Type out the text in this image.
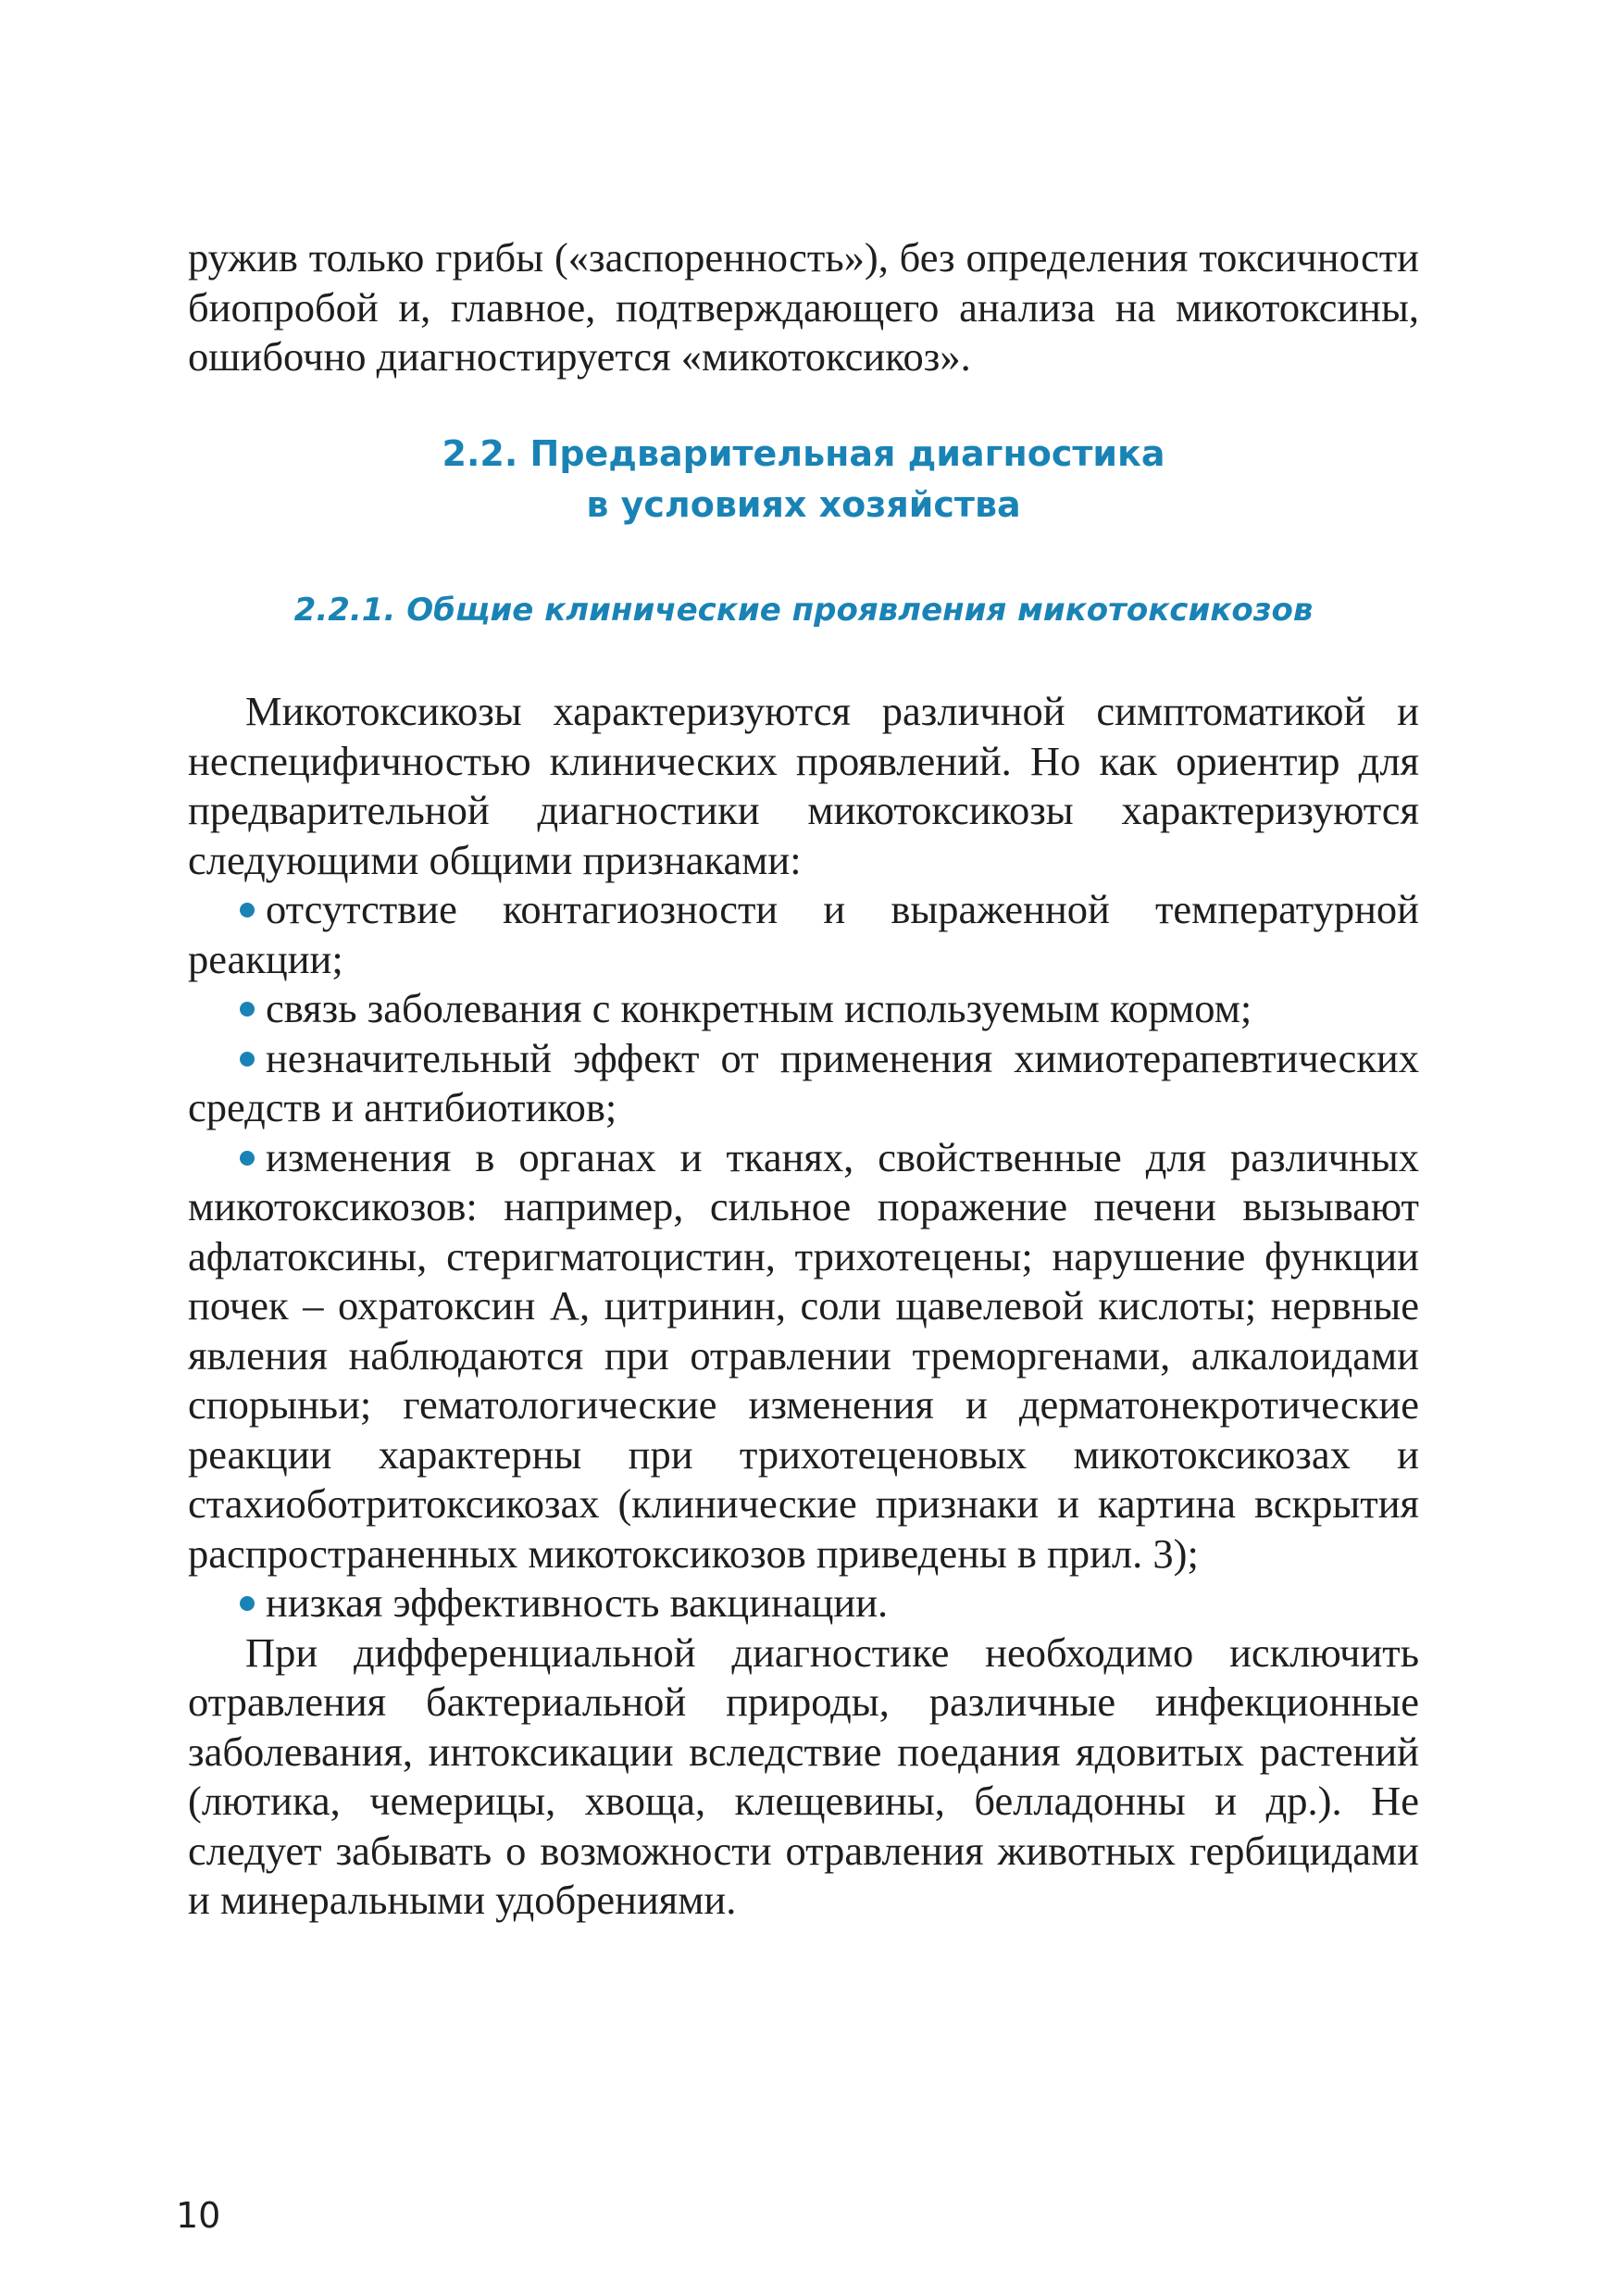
ружив только грибы («заспоренность»), без определения токсичности биопробой и, главное, подтверждающего анализа на микотоксины, ошибочно диагностируется «микотоксикоз».

2.2. Предварительная диагностика
в условиях хозяйства
2.2.1. Общие клинические проявления микотоксикозов

Микотоксикозы характеризуются различной симптоматикой и неспецифичностью клинических проявлений. Но как ориентир для предварительной диагностики микотоксикозы характеризуются следующими общими признаками:

отсутствие контагиозности и выраженной температурной реакции;

связь заболевания с конкретным используемым кормом;

незначительный эффект от применения химиотерапевтических средств и антибиотиков;

изменения в органах и тканях, свойственные для различных микотоксикозов: например, сильное поражение печени вызывают афлатоксины, стеригматоцистин, трихотецены; нарушение функции почек – охратоксин А, цитринин, соли щавелевой кислоты; нервные явления наблюдаются при отравлении треморгенами, алкалоидами спорыньи; гематологические изменения и дерматонекротические реакции характерны при трихотеценовых микотоксикозах и стахиоботритоксикозах (клинические признаки и картина вскрытия распространенных микотоксикозов приведены в прил. 3);

низкая эффективность вакцинации.

При дифференциальной диагностике необходимо исключить отравления бактериальной природы, различные инфекционные заболевания, интоксикации вследствие поедания ядовитых растений (лютика, чемерицы, хвоща, клещевины, белладонны и др.). Не следует забывать о возможности отравления животных гербицидами и минеральными удобрениями.

10
